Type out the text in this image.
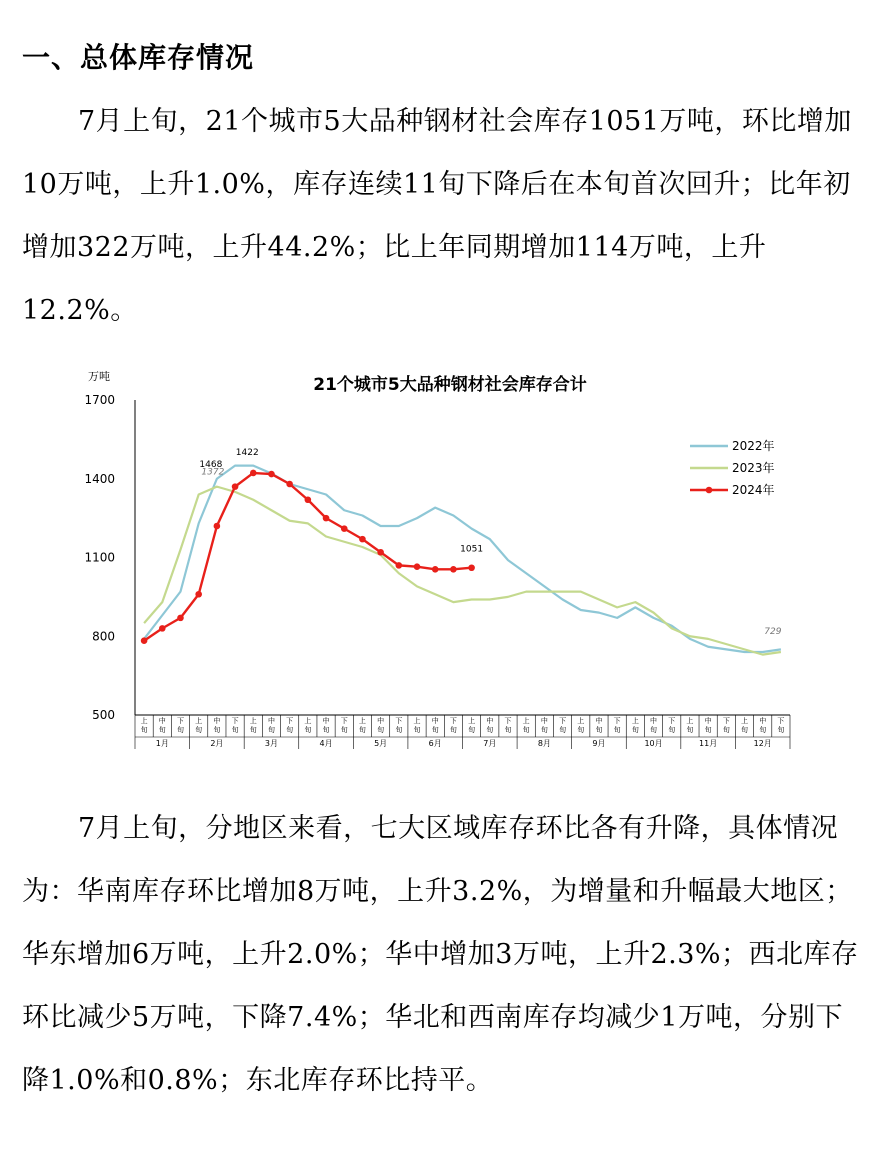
一、总体库存情况

7月上旬，21个城市5大品种钢材社会库存1051万吨，环比增加10万吨，上升1.0%，库存连续11旬下降后在本旬首次回升；比年初增加322万吨，上升44.2%；比上年同期增加114万吨，上升12.2%。

21个城市5大品种钢材社会库存合计
万吨
500
800
1100
1400
1700
上
旬
中
旬
下
旬
上
旬
中
旬
下
旬
上
旬
中
旬
下
旬
上
旬
中
旬
下
旬
上
旬
中
旬
下
旬
上
旬
中
旬
下
旬
上
旬
中
旬
下
旬
上
旬
中
旬
下
旬
上
旬
中
旬
下
旬
上
旬
中
旬
下
旬
上
旬
中
旬
下
旬
上
旬
中
旬
下
旬
1月	2月	3月	4月	5月	6月	7月	8月	9月	10月	11月	12月
1468
1372
1422
1051
729
2022年
2023年
2024年

7月上旬，分地区来看，七大区域库存环比各有升降，具体情况为：华南库存环比增加8万吨，上升3.2%，为增量和升幅最大地区；华东增加6万吨，上升2.0%；华中增加3万吨，上升2.3%；西北库存环比减少5万吨，下降7.4%；华北和西南库存均减少1万吨，分别下降1.0%和0.8%；东北库存环比持平。
